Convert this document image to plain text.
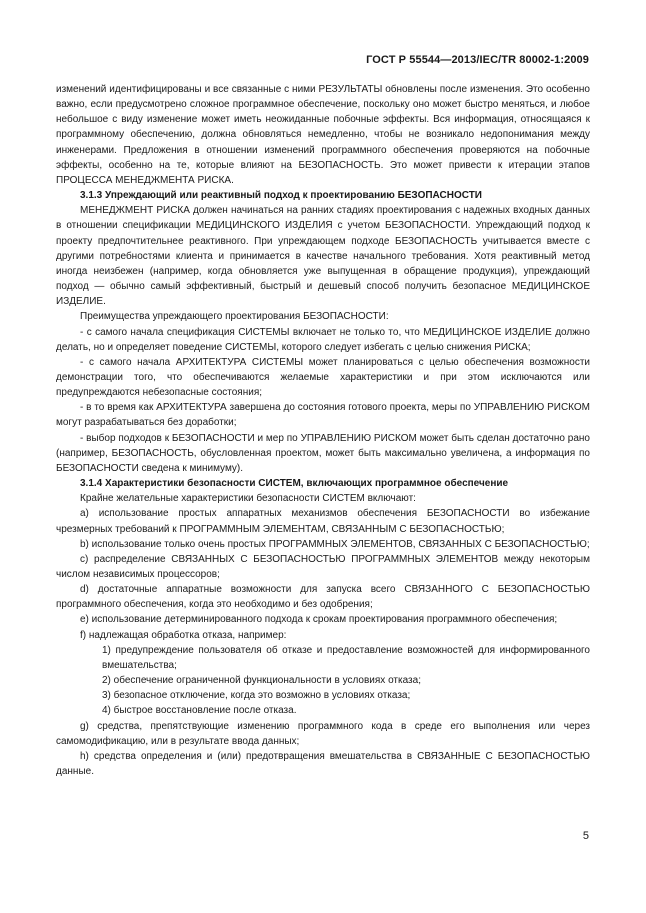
ГОСТ Р 55544—2013/IEC/TR 80002-1:2009

изменений идентифицированы и все связанные с ними РЕЗУЛЬТАТЫ обновлены после изменения. Это особенно важно, если предусмотрено сложное программное обеспечение, поскольку оно может быстро меняться, и любое небольшое с виду изменение может иметь неожиданные побочные эффекты. Вся информация, относящаяся к программному обеспечению, должна обновляться немедленно, чтобы не возникало недопонимания между инженерами. Предложения в отношении изменений программного обеспечения проверяются на побочные эффекты, особенно на те, которые влияют на БЕЗОПАСНОСТЬ. Это может привести к итерации этапов ПРОЦЕССА МЕНЕДЖМЕНТА РИСКА.

3.1.3 Упреждающий или реактивный подход к проектированию БЕЗОПАСНОСТИ

МЕНЕДЖМЕНТ РИСКА должен начинаться на ранних стадиях проектирования с надежных входных данных в отношении спецификации МЕДИЦИНСКОГО ИЗДЕЛИЯ с учетом БЕЗОПАСНОСТИ. Упреждающий подход к проекту предпочтительнее реактивного. При упреждающем подходе БЕЗОПАСНОСТЬ учитывается вместе с другими потребностями клиента и принимается в качестве начального требования. Хотя реактивный метод иногда неизбежен (например, когда обновляется уже выпущенная в обращение продукция), упреждающий подход — обычно самый эффективный, быстрый и дешевый способ получить безопасное МЕДИЦИНСКОЕ ИЗДЕЛИЕ.

Преимущества упреждающего проектирования БЕЗОПАСНОСТИ:

- с самого начала спецификация СИСТЕМЫ включает не только то, что МЕДИЦИНСКОЕ ИЗДЕЛИЕ должно делать, но и определяет поведение СИСТЕМЫ, которого следует избегать с целью снижения РИСКА;

- с самого начала АРХИТЕКТУРА СИСТЕМЫ может планироваться с целью обеспечения возможности демонстрации того, что обеспечиваются желаемые характеристики и при этом исключаются или предупреждаются небезопасные состояния;

- в то время как АРХИТЕКТУРА завершена до состояния готового проекта, меры по УПРАВЛЕНИЮ РИСКОМ могут разрабатываться без доработки;

- выбор подходов к БЕЗОПАСНОСТИ и мер по УПРАВЛЕНИЮ РИСКОМ может быть сделан достаточно рано (например, БЕЗОПАСНОСТЬ, обусловленная проектом, может быть максимально увеличена, а информация по БЕЗОПАСНОСТИ сведена к минимуму).

3.1.4 Характеристики безопасности СИСТЕМ, включающих программное обеспечение

Крайне желательные характеристики безопасности СИСТЕМ включают:

a) использование простых аппаратных механизмов обеспечения БЕЗОПАСНОСТИ во избежание чрезмерных требований к ПРОГРАММНЫМ ЭЛЕМЕНТАМ, СВЯЗАННЫМ С БЕЗОПАСНОСТЬЮ;

b) использование только очень простых ПРОГРАММНЫХ ЭЛЕМЕНТОВ, СВЯЗАННЫХ С БЕЗОПАСНОСТЬЮ;

c) распределение СВЯЗАННЫХ С БЕЗОПАСНОСТЬЮ ПРОГРАММНЫХ ЭЛЕМЕНТОВ между некоторым числом независимых процессоров;

d) достаточные аппаратные возможности для запуска всего СВЯЗАННОГО С БЕЗОПАСНОСТЬЮ программного обеспечения, когда это необходимо и без одобрения;

e) использование детерминированного подхода к срокам проектирования программного обеспечения;

f) надлежащая обработка отказа, например:

1) предупреждение пользователя об отказе и предоставление возможностей для информированного вмешательства;

2) обеспечение ограниченной функциональности в условиях отказа;

3) безопасное отключение, когда это возможно в условиях отказа;

4) быстрое восстановление после отказа.

g) средства, препятствующие изменению программного кода в среде его выполнения или через самомодификацию, или в результате ввода данных;

h) средства определения и (или) предотвращения вмешательства в СВЯЗАННЫЕ С БЕЗОПАСНОСТЬЮ данные.

5
